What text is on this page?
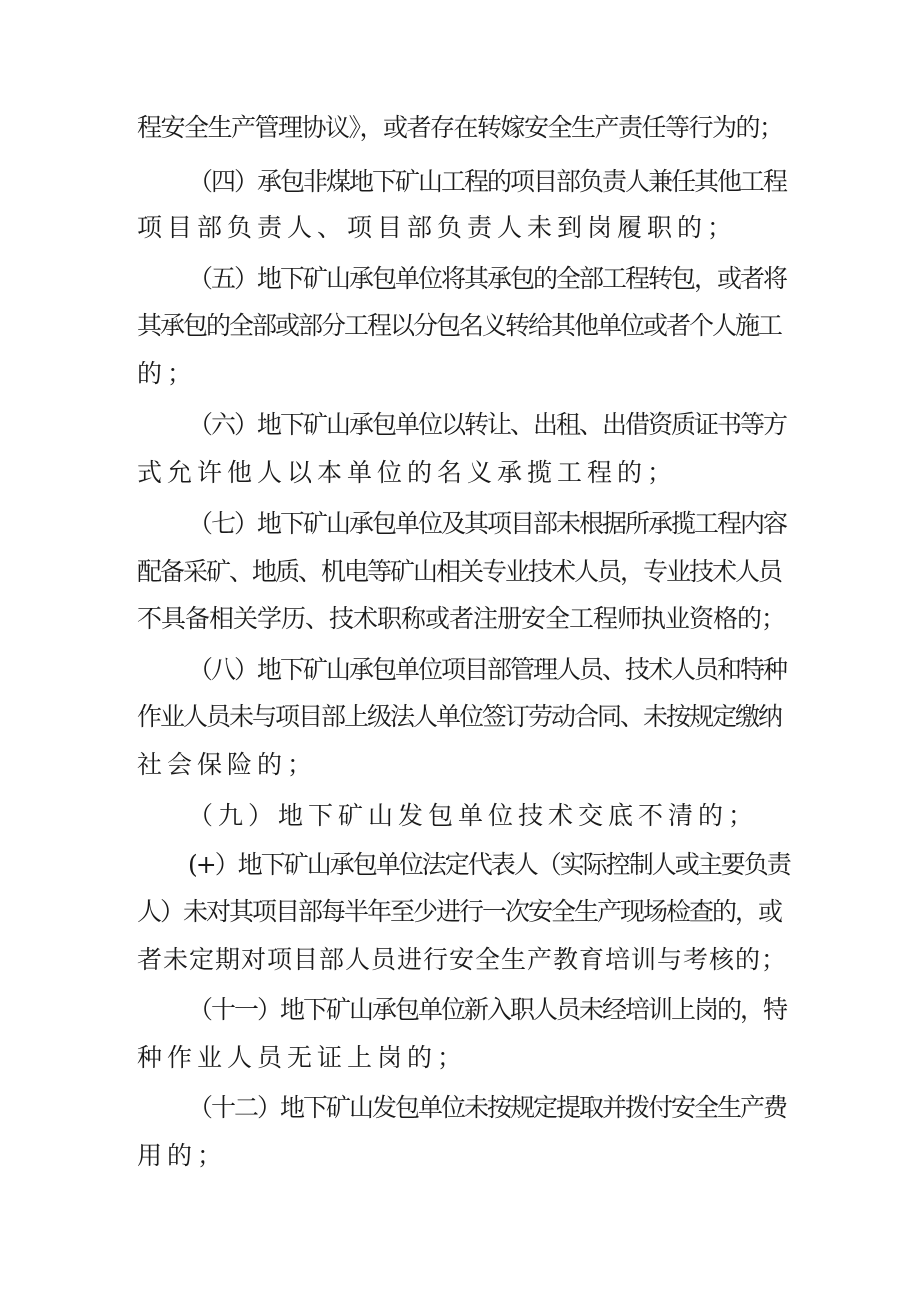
程安全生产管理协议》，或者存在转嫁安全生产责任等行为的；
（四）承包非煤地下矿山工程的项目部负责人兼任其他工程
项目部负责人、项目部负责人未到岗履职的；
（五）地下矿山承包单位将其承包的全部工程转包，或者将
其承包的全部或部分工程以分包名义转给其他单位或者个人施工
的；
（六）地下矿山承包单位以转让、出租、出借资质证书等方
式允许他人以本单位的名义承揽工程的；
（七）地下矿山承包单位及其项目部未根据所承揽工程内容
配备采矿、地质、机电等矿山相关专业技术人员，专业技术人员
不具备相关学历、技术职称或者注册安全工程师执业资格的；
（八）地下矿山承包单位项目部管理人员、技术人员和特种
作业人员未与项目部上级法人单位签订劳动合同、未按规定缴纳
社会保险的；
（九）地下矿山发包单位技术交底不清的；
(+）地下矿山承包单位法定代表人（实际控制人或主要负责
人）未对其项目部每半年至少进行一次安全生产现场检查的，或
者未定期对项目部人员进行安全生产教育培训与考核的；
（十一）地下矿山承包单位新入职人员未经培训上岗的，特
种作业人员无证上岗的；
（十二）地下矿山发包单位未按规定提取并拨付安全生产费
用的；
